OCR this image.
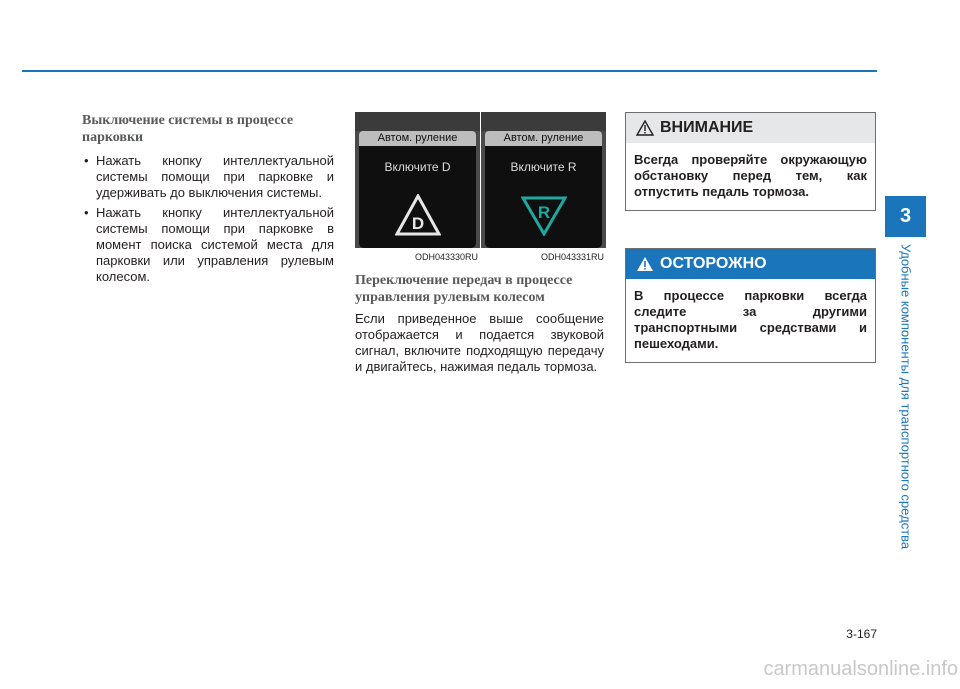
Выключение системы в процессе парковки
• Нажать кнопку интеллектуальной системы помощи при парковке и удерживать до выключения системы.
• Нажать кнопку интеллектуальной системы помощи при парковке в момент поиска системой места для парковки или управления рулевым колесом.
Автом. руление
Включите D
D
ODH043330RU
Автом. руление
Включите R
R
ODH043331RU
Переключение передач в процессе управления рулевым колесом
Если приведенное выше сообщение отображается и подается звуковой сигнал, включите подходящую передачу и двигайтесь, нажимая педаль тормоза.
ВНИМАНИЕ
Всегда проверяйте окружающую обстановку перед тем, как отпустить педаль тормоза.
ОСТОРОЖНО
В процессе парковки всегда следите за другими транспортными средствами и пешеходами.
3
Удобные компоненты для транспортного средства
3-167
carmanualsonline.info
